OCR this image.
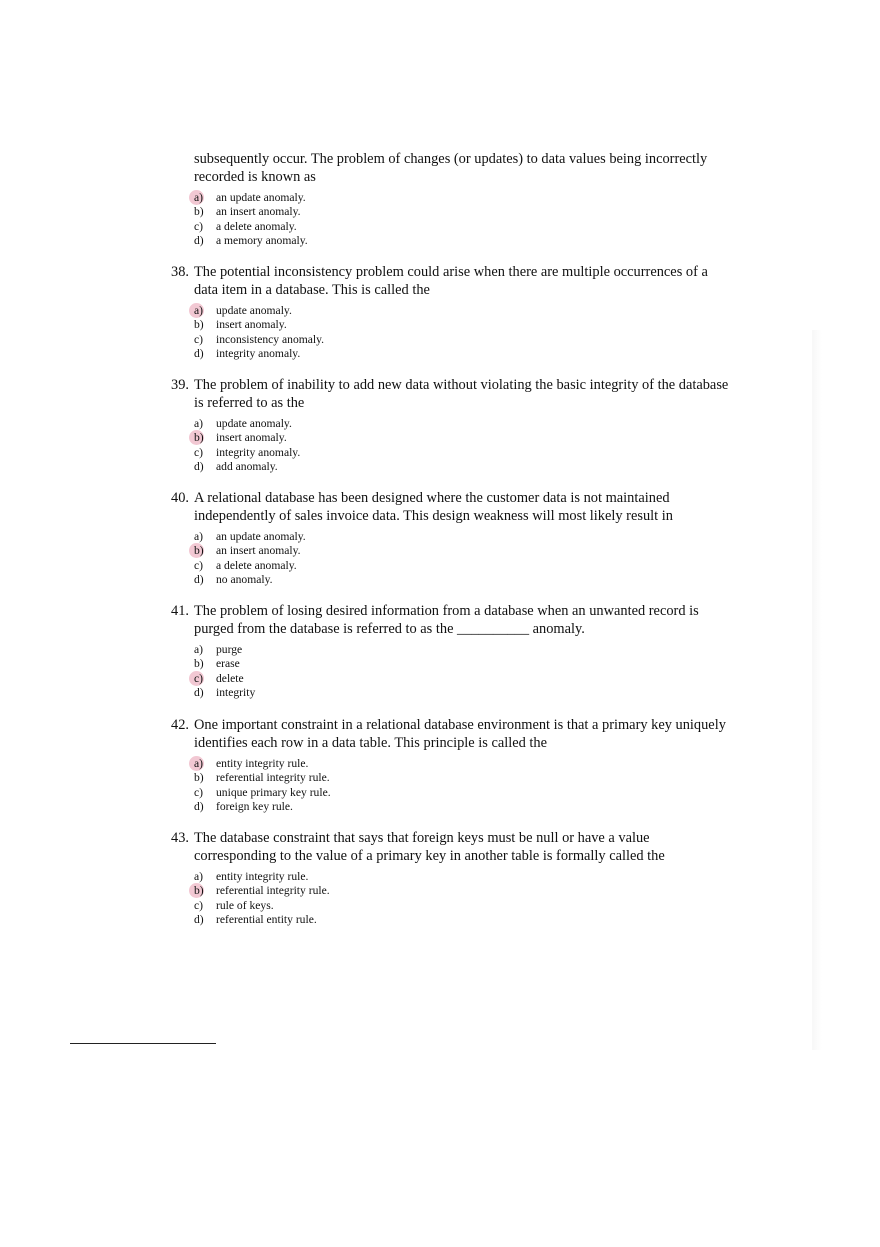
subsequently occur. The problem of changes (or updates) to data values being incorrectly recorded is known as
a)	an update anomaly.
b)	an insert anomaly.
c)	a delete anomaly.
d)	a memory anomaly.
38. The potential inconsistency problem could arise when there are multiple occurrences of a data item in a database. This is called the
a)	update anomaly.
b)	insert anomaly.
c)	inconsistency anomaly.
d)	integrity anomaly.
39. The problem of inability to add new data without violating the basic integrity of the database is referred to as the
a)	update anomaly.
b)	insert anomaly.
c)	integrity anomaly.
d)	add anomaly.
40. A relational database has been designed where the customer data is not maintained independently of sales invoice data. This design weakness will most likely result in
a)	an update anomaly.
b)	an insert anomaly.
c)	a delete anomaly.
d)	no anomaly.
41. The problem of losing desired information from a database when an unwanted record is purged from the database is referred to as the __________ anomaly.
a)	purge
b)	erase
c)	delete
d)	integrity
42. One important constraint in a relational database environment is that a primary key uniquely identifies each row in a data table. This principle is called the
a)	entity integrity rule.
b)	referential integrity rule.
c)	unique primary key rule.
d)	foreign key rule.
43. The database constraint that says that foreign keys must be null or have a value corresponding to the value of a primary key in another table is formally called the
a)	entity integrity rule.
b)	referential integrity rule.
c)	rule of keys.
d)	referential entity rule.
